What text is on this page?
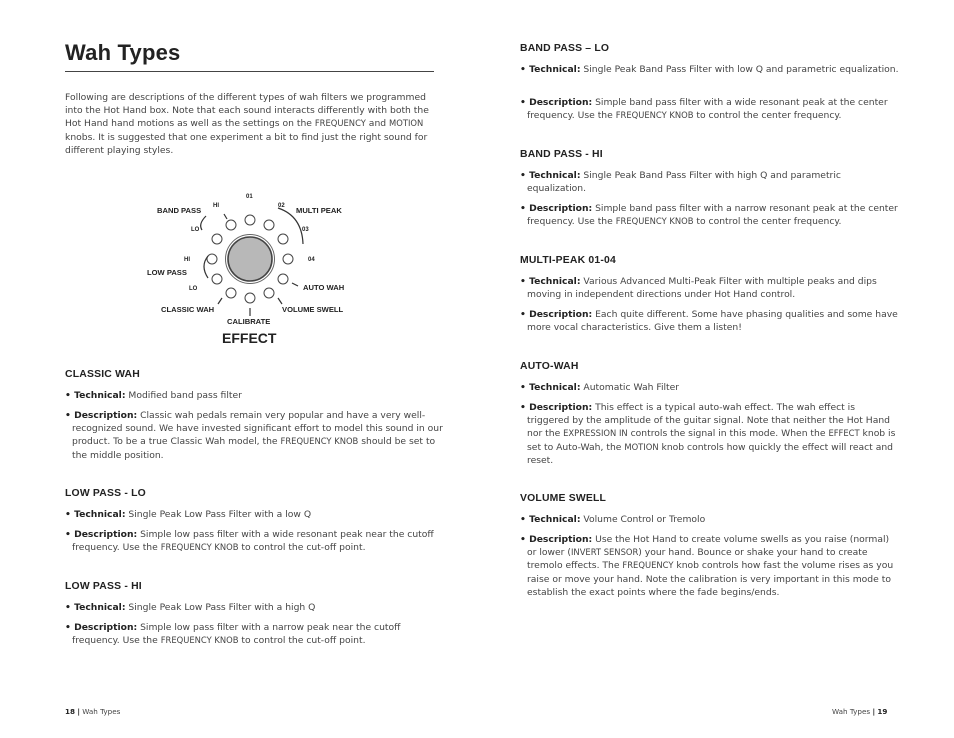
Wah Types
Following are descriptions of the different types of wah filters we programmed into the Hot Hand box. Note that each sound interacts differently with both the Hot Hand hand motions as well as the settings on the FREQUENCY and MOTION knobs. It is suggested that one experiment a bit to find just the right sound for different playing styles.
BAND PASS HI
LO
01
02
03
04
MULTI PEAK
HI
LO
LOW PASS
AUTO WAH
CLASSIC WAH	VOLUME SWELL
CALIBRATE
EFFECT
CLASSIC WAH
• Technical: Modified band pass filter
• Description: Classic wah pedals remain very popular and have a very well-recognized sound. We have invested significant effort to model this sound in our product. To be a true Classic Wah model, the FREQUENCY KNOB should be set to the middle position.
LOW PASS - LO
• Technical: Single Peak Low Pass Filter with a low Q
• Description: Simple low pass filter with a wide resonant peak near the cutoff frequency. Use the FREQUENCY KNOB to control the cut-off point.
LOW PASS - HI
• Technical: Single Peak Low Pass Filter with a high Q
• Description: Simple low pass filter with a narrow peak near the cutoff frequency. Use the FREQUENCY KNOB to control the cut-off point.
BAND PASS – LO
• Technical: Single Peak Band Pass Filter with low Q and parametric equalization.
• Description: Simple band pass filter with a wide resonant peak at the center frequency. Use the FREQUENCY KNOB to control the center frequency.
BAND PASS - HI
• Technical: Single Peak Band Pass Filter with high Q and parametric equalization.
• Description: Simple band pass filter with a narrow resonant peak at the center frequency. Use the FREQUENCY KNOB to control the center frequency.
MULTI-PEAK 01-04
• Technical: Various Advanced Multi-Peak Filter with multiple peaks and dips moving in independent directions under Hot Hand control.
• Description: Each quite different. Some have phasing qualities and some have more vocal characteristics. Give them a listen!
AUTO-WAH
• Technical: Automatic Wah Filter
• Description: This effect is a typical auto-wah effect. The wah effect is triggered by the amplitude of the guitar signal. Note that neither the Hot Hand nor the EXPRESSION IN controls the signal in this mode. When the EFFECT knob is set to Auto-Wah, the MOTION knob controls how quickly the effect will react and reset.
VOLUME SWELL
• Technical: Volume Control or Tremolo
• Description: Use the Hot Hand to create volume swells as you raise (normal) or lower (INVERT SENSOR) your hand. Bounce or shake your hand to create tremolo effects. The FREQUENCY knob controls how fast the volume rises as you raise or move your hand. Note the calibration is very important in this mode to establish the exact points where the fade begins/ends.
18 | Wah Types	Wah Types | 19
